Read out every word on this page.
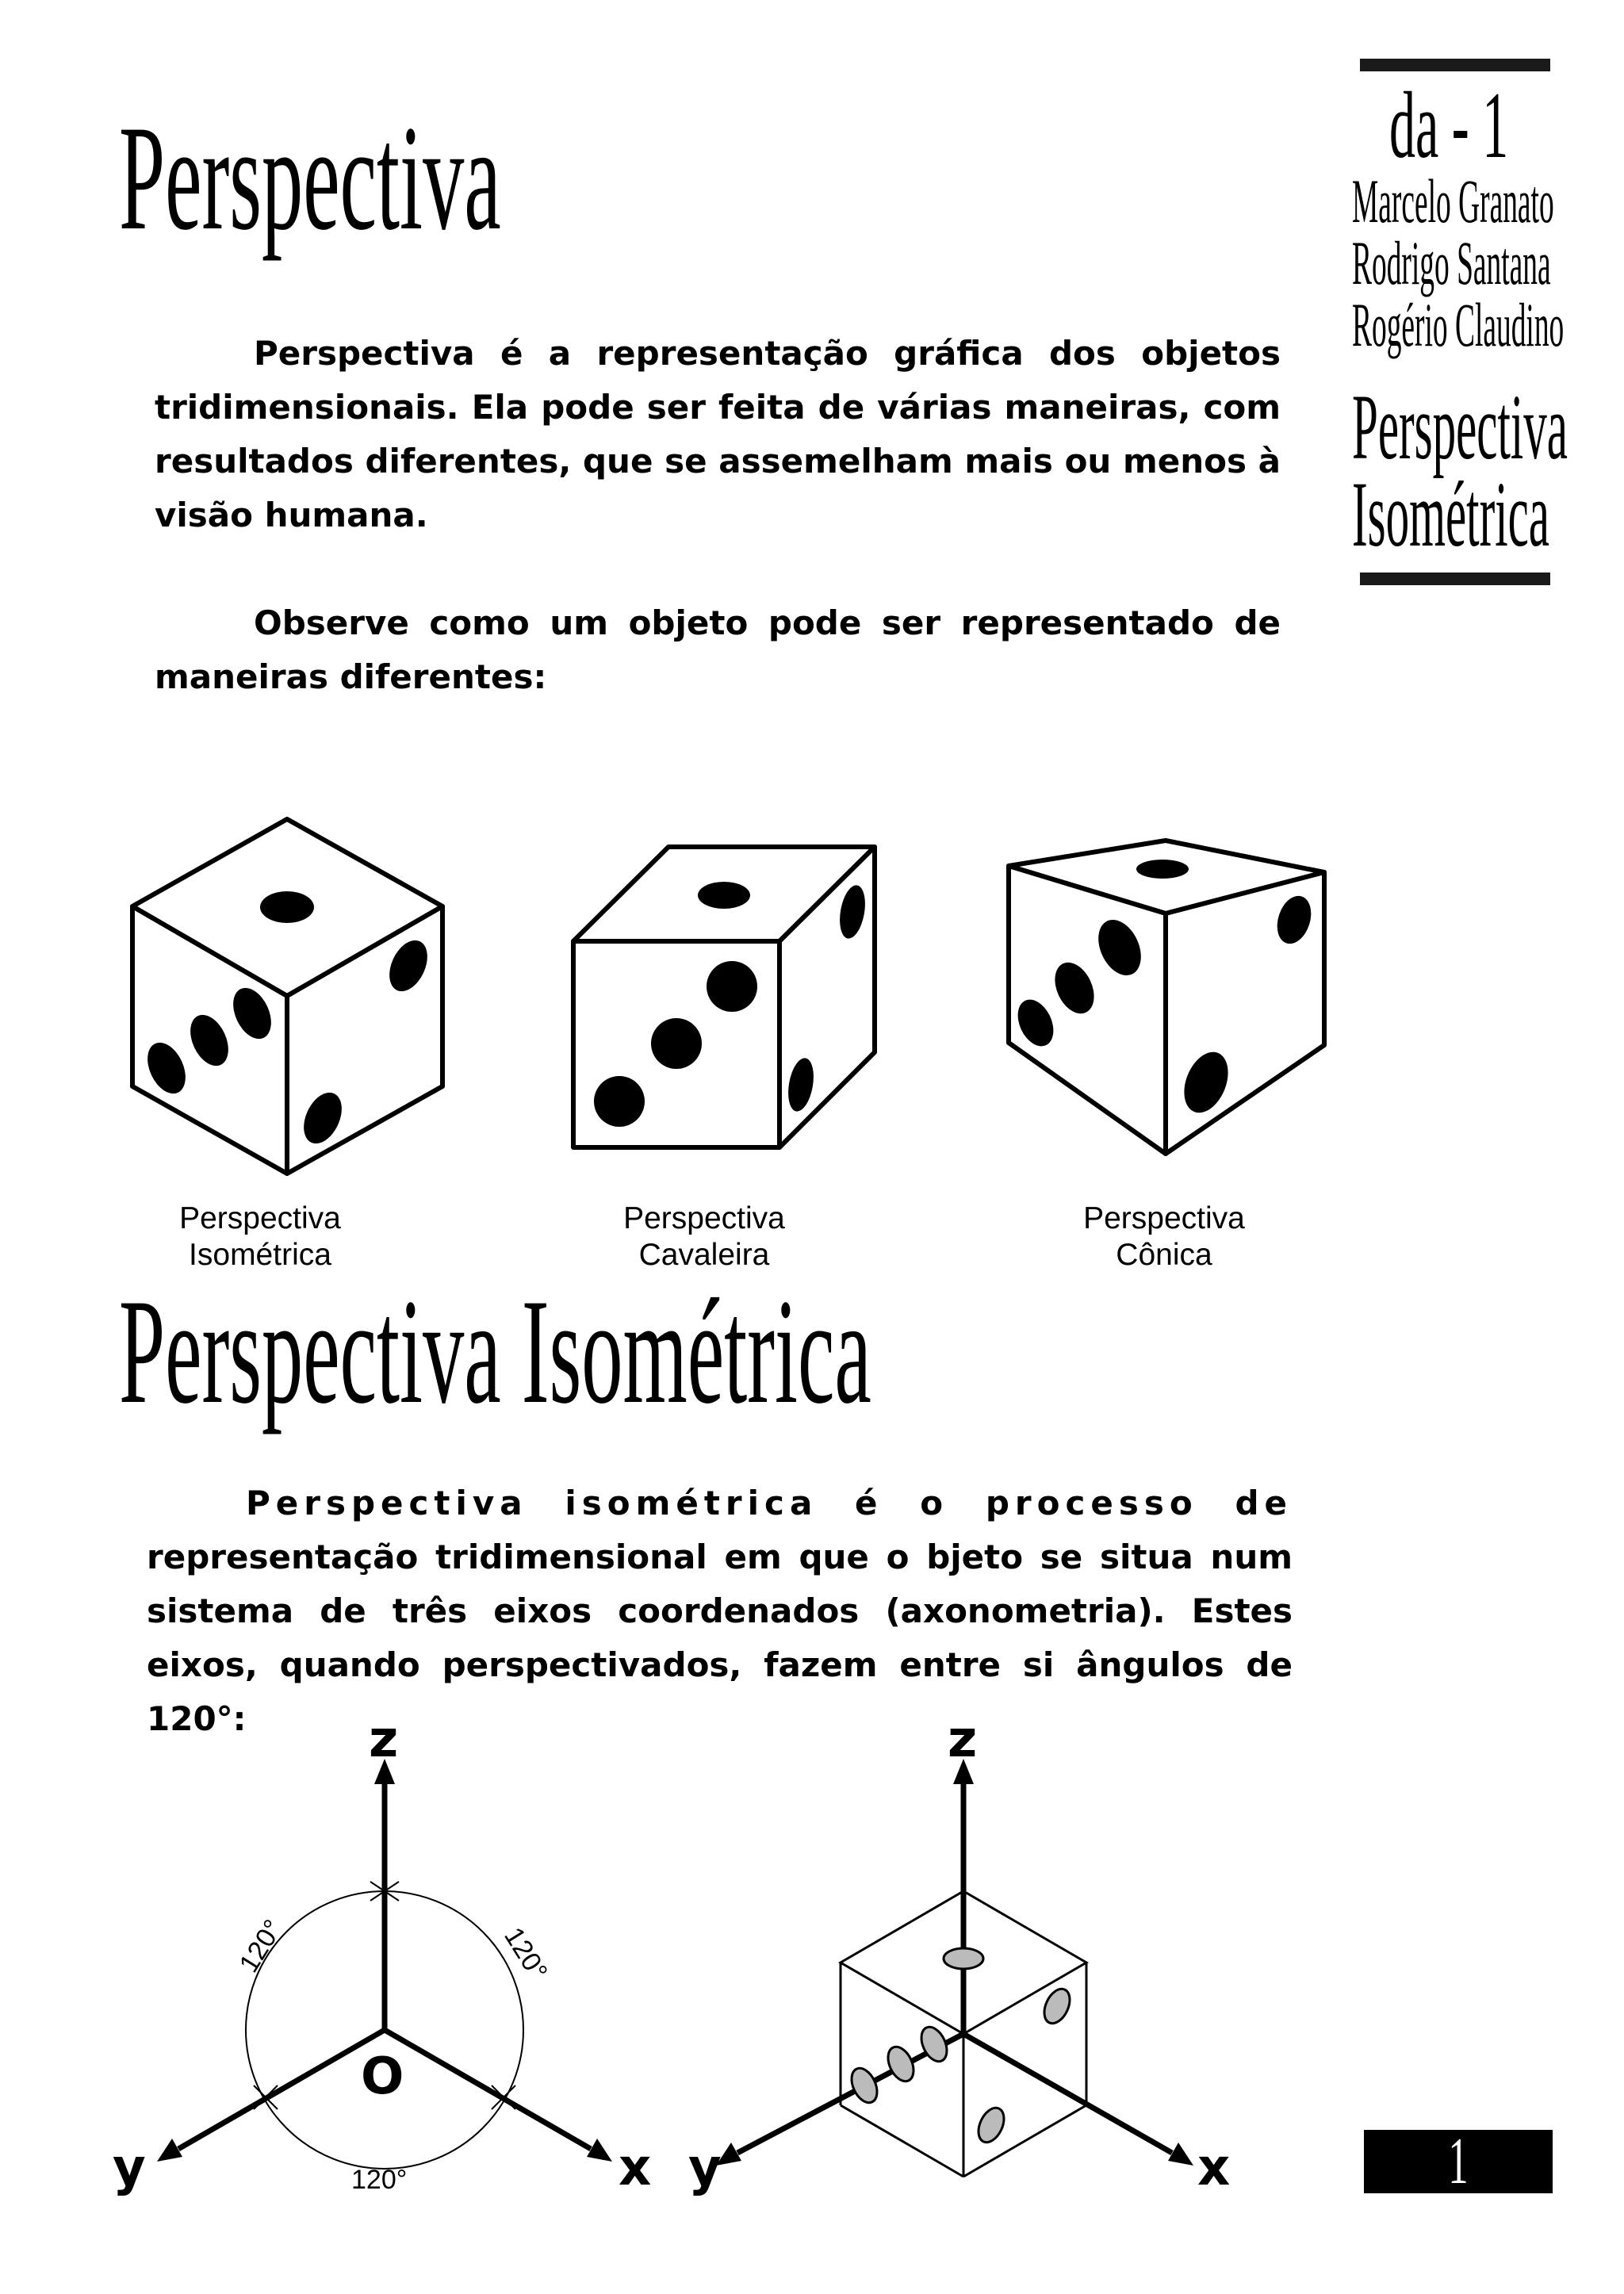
Perspectiva	da - 1
Marcelo Granato
Rodrigo Santana
Rogério Claudino
Perspectiva
Isométrica

Perspectiva é a representação gráfica dos objetos tridimensionais. Ela pode ser feita de várias maneiras, com resultados diferentes, que se assemelham mais ou menos à visão humana.

Observe como um objeto pode ser representado de maneiras diferentes:

z
x
y
O
120°	120°
120°
z
x
y
Perspectiva
Isométrica
Perspectiva
Cavaleira
Perspectiva
Cônica
Perspectiva Isométrica

Perspectiva isométrica é o processo de representação tridimensional em que o bjeto se situa num sistema de três eixos coordenados (axonometria). Estes eixos, quando perspectivados, fazem entre si ângulos de 120°:

1
